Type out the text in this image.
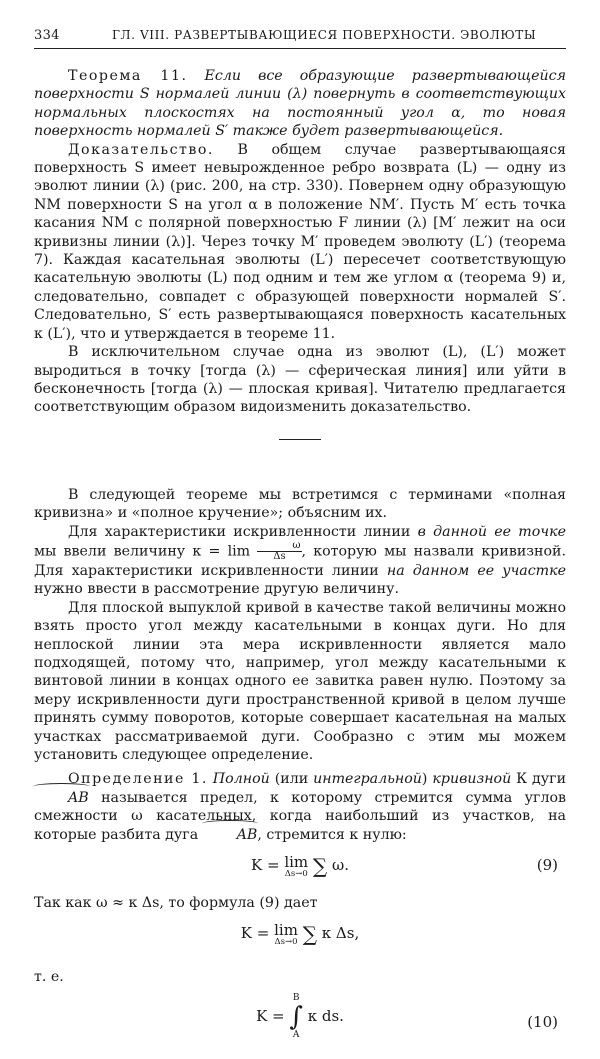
334	ГЛ. VIII. РАЗВЕРТЫВАЮЩИЕСЯ ПОВЕРХНОСТИ. ЭВОЛЮТЫ

Теорема 11. Если все образующие развертывающейся поверхности S нормалей линии (λ) повернуть в соответствующих нормальных плоскостях на постоянный угол α, то новая поверхность нормалей S′ также будет развертывающейся.

Доказательство. В общем случае развертывающаяся поверхность S имеет невырожденное ребро возврата (L) — одну из эволют линии (λ) (рис. 200, на стр. 330). Повернем одну образующую NM поверхности S на угол α в положение NM′. Пусть M′ есть точка касания NM с полярной поверхностью F линии (λ) [M′ лежит на оси кривизны линии (λ)]. Через точку M′ проведем эволюту (L′) (теорема 7). Каждая касательная эволюты (L′) пересечет соответствующую касательную эволюты (L) под одним и тем же углом α (теорема 9) и, следовательно, совпадет с образующей поверхности нормалей S′. Следовательно, S′ есть развертывающаяся поверхность касательных к (L′), что и утверждается в теореме 11.

В исключительном случае одна из эволют (L), (L′) может выродиться в точку [тогда (λ) — сферическая линия] или уйти в бесконечность [тогда (λ) — плоская кривая]. Читателю предлагается соответствующим образом видоизменить доказательство.

В следующей теореме мы встретимся с терминами «полная кривизна» и «полное кручение»; объясним их.

Для характеристики искривленности линии в данной ее точке мы ввели величину $\kappa = \lim \frac{\omega}{\Delta s}$, которую мы назвали кривизной. Для характеристики искривленности линии на данном ее участке нужно ввести в рассмотрение другую величину.

Для плоской выпуклой кривой в качестве такой величины можно взять просто угол между касательными в концах дуги. Но для неплоской линии эта мера искривленности является мало подходящей, потому что, например, угол между касательными к винтовой линии в концах одного ее завитка равен нулю. Поэтому за меру искривленности дуги пространственной кривой в целом лучше принять сумму поворотов, которые совершает касательная на малых участках рассматриваемой дуги. Сообразно с этим мы можем установить следующее определение.

Определение 1. Полной (или интегральной) кривизной К дуги AB называется предел, к которому стремится сумма углов смежности ω касательных, когда наибольший из участков, на которые разбита дуга	AB, стремится к нулю:

K = lim
Δs→0 ∑ ω.	(9)

Так как ω ≈ κ Δs, то формула (9) дает

K = lim
Δs→0 ∑ κ Δs,

т. е.

K =
B
∫
A
κ ds.	(10)
